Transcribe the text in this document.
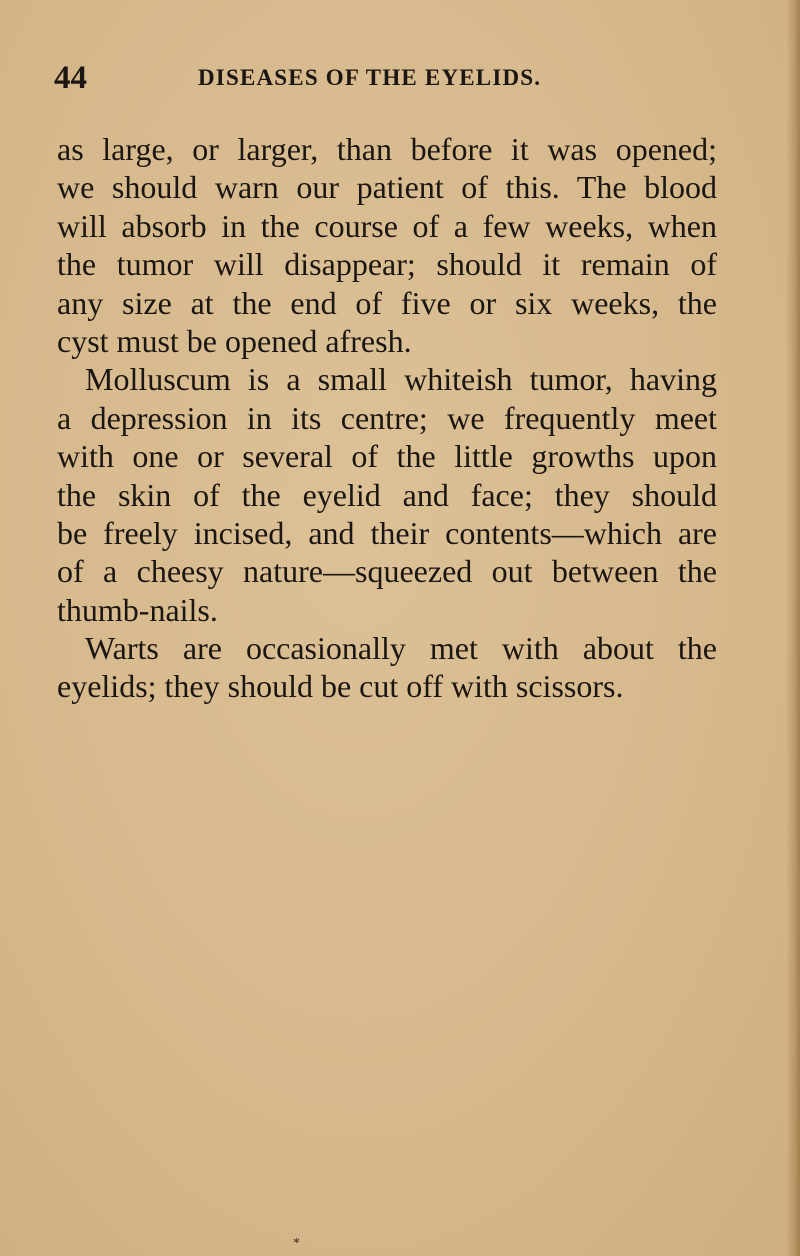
44	DISEASES OF THE EYELIDS.
as large, or larger, than before it was opened;
we should warn our patient of this. The blood
will absorb in the course of a few weeks, when
the tumor will disappear; should it remain of
any size at the end of five or six weeks, the
cyst must be opened afresh.
Molluscum is a small whiteish tumor, having
a depression in its centre; we frequently meet
with one or several of the little growths upon
the skin of the eyelid and face; they should
be freely incised, and their contents—which are
of a cheesy nature—squeezed out between the
thumb-nails.
Warts are occasionally met with about the
eyelids; they should be cut off with scissors.
*
